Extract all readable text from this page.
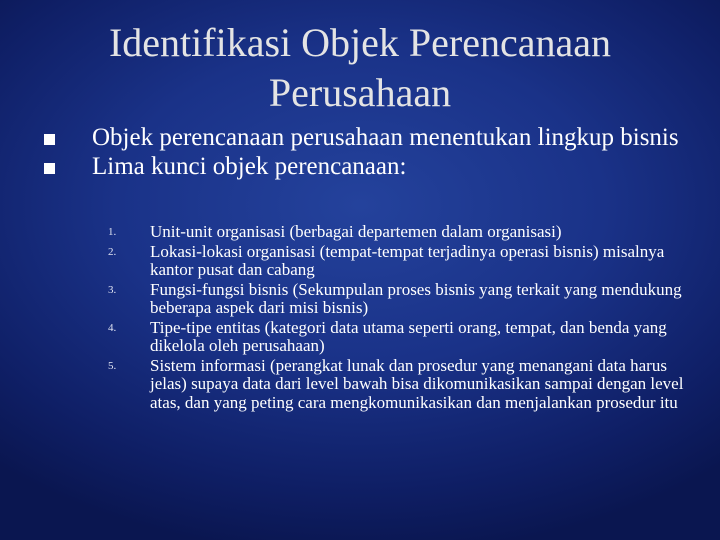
Identifikasi Objek Perencanaan Perusahaan
Objek perencanaan perusahaan menentukan lingkup bisnis
Lima kunci objek perencanaan:
1. Unit-unit organisasi (berbagai departemen dalam organisasi)
2. Lokasi-lokasi organisasi (tempat-tempat terjadinya operasi bisnis) misalnya kantor pusat dan cabang
3. Fungsi-fungsi bisnis (Sekumpulan proses bisnis yang terkait yang mendukung beberapa aspek dari misi bisnis)
4. Tipe-tipe entitas (kategori data utama seperti orang, tempat, dan benda yang dikelola oleh perusahaan)
5. Sistem informasi (perangkat lunak dan prosedur yang menangani data harus jelas) supaya data dari level bawah bisa dikomunikasikan sampai dengan level atas, dan yang peting cara mengkomunikasikan dan menjalankan prosedur itu
